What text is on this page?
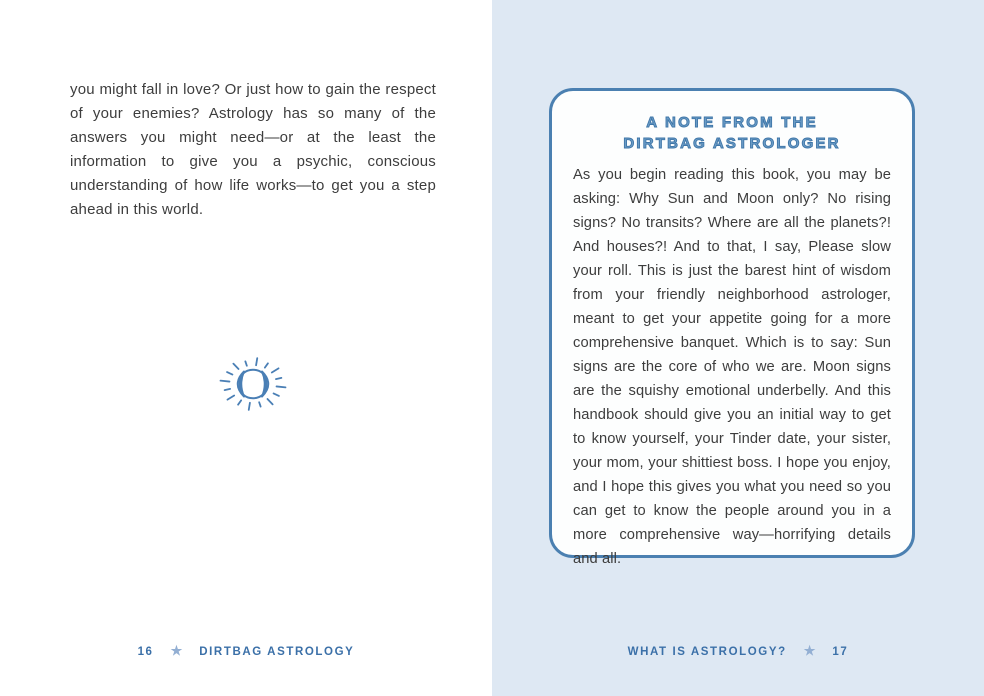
you might fall in love? Or just how to gain the respect of your enemies? Astrology has so many of the answers you might need—or at the least the information to give you a psychic, conscious understanding of how life works—to get you a step ahead in this world.

16 ★ DIRTBAG ASTROLOGY
A NOTE FROM THE
DIRTBAG ASTROLOGER

As you begin reading this book, you may be asking: Why Sun and Moon only? No rising signs? No transits? Where are all the planets?! And houses?! And to that, I say, Please slow your roll. This is just the barest hint of wisdom from your friendly neighborhood astrologer, meant to get your appetite going for a more comprehensive banquet. Which is to say: Sun signs are the core of who we are. Moon signs are the squishy emotional underbelly. And this handbook should give you an initial way to get to know yourself, your Tinder date, your sister, your mom, your shittiest boss. I hope you enjoy, and I hope this gives you what you need so you can get to know the people around you in a more comprehensive way—horrifying details and all.

WHAT IS ASTROLOGY? ★ 17
